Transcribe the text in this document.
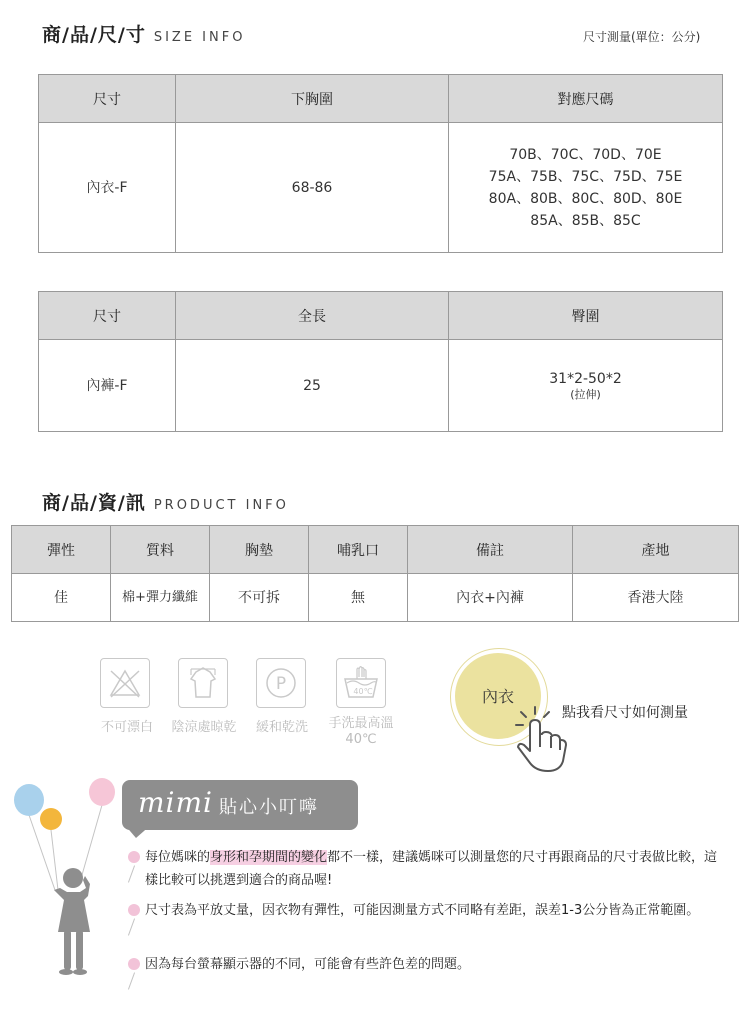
商/品/尺/寸 SIZE INFO	尺寸測量(單位：公分)
尺寸	下胸圍	對應尺碼
內衣-F	68-86	70B、70C、70D、70E
75A、75B、75C、75D、75E
80A、80B、80C、80D、80E
85A、85B、85C
尺寸	全長	臀圍
內褲-F	25	31*2-50*2
(拉伸)
商/品/資/訊 PRODUCT INFO
彈性	質料	胸墊	哺乳口	備註	產地
佳	棉+彈力纖維	不可拆	無	內衣+內褲	香港大陸
P	40℃
不可漂白	陰涼處晾乾	緩和乾洗	手洗最高溫
40℃
內衣
點我看尺寸如何測量
mimi 貼心小叮嚀
每位媽咪的身形和孕期間的變化都不一樣，建議媽咪可以測量您的尺寸再跟商品的尺寸表做比較，這樣比較可以挑選到適合的商品喔!
尺寸表為平放丈量，因衣物有彈性，可能因測量方式不同略有差距，誤差1-3公分皆為正常範圍。
因為每台螢幕顯示器的不同，可能會有些許色差的問題。
